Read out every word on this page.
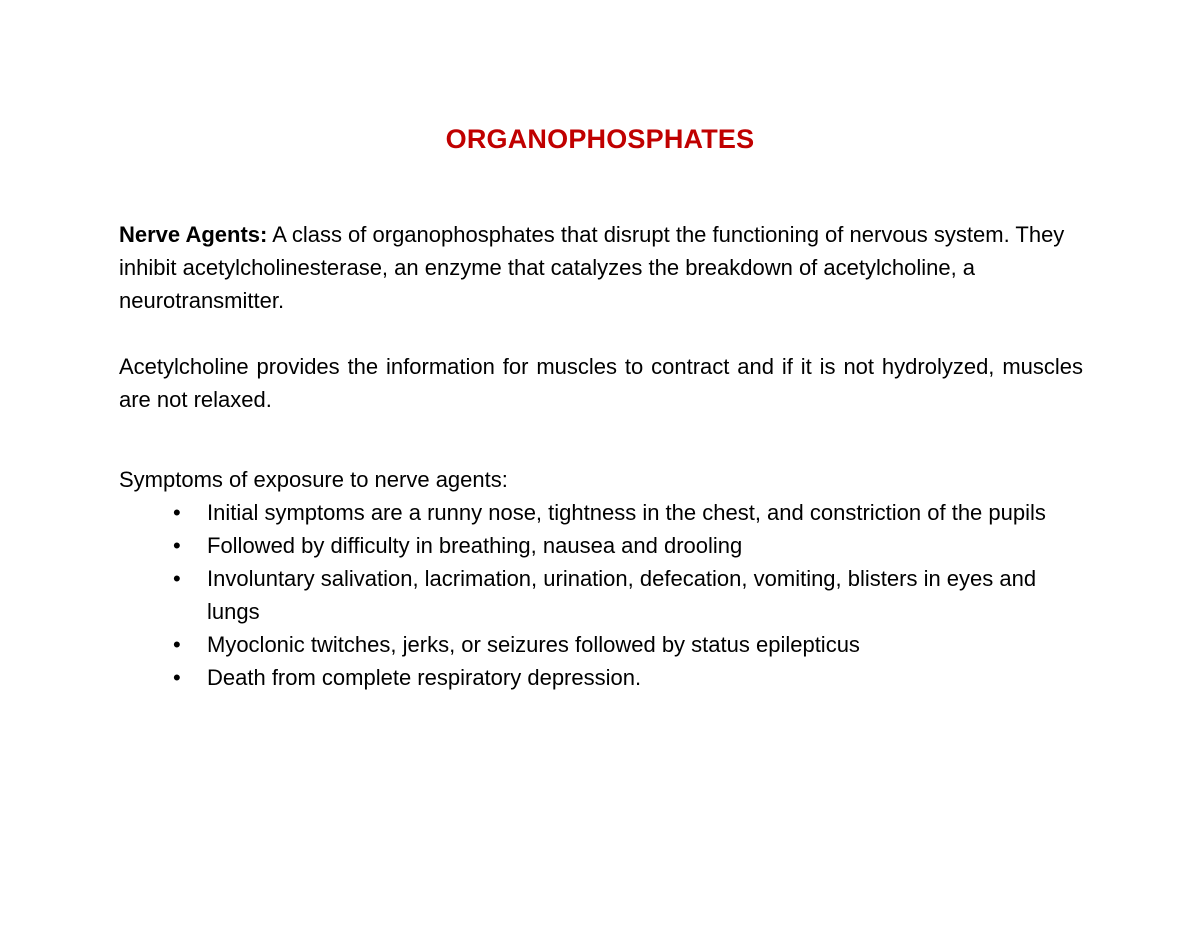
ORGANOPHOSPHATES
Nerve Agents: A class of organophosphates that disrupt the functioning of nervous system. They inhibit acetylcholinesterase, an enzyme that catalyzes the breakdown of acetylcholine, a neurotransmitter.
Acetylcholine provides the information for muscles to contract and if it is not hydrolyzed, muscles are not relaxed.
Symptoms of exposure to nerve agents:
• Initial symptoms are a runny nose, tightness in the chest, and constriction of the pupils
• Followed by difficulty in breathing, nausea and drooling
• Involuntary salivation, lacrimation, urination, defecation, vomiting, blisters in eyes and lungs
• Myoclonic twitches, jerks, or seizures followed by status epilepticus
• Death from complete respiratory depression.
